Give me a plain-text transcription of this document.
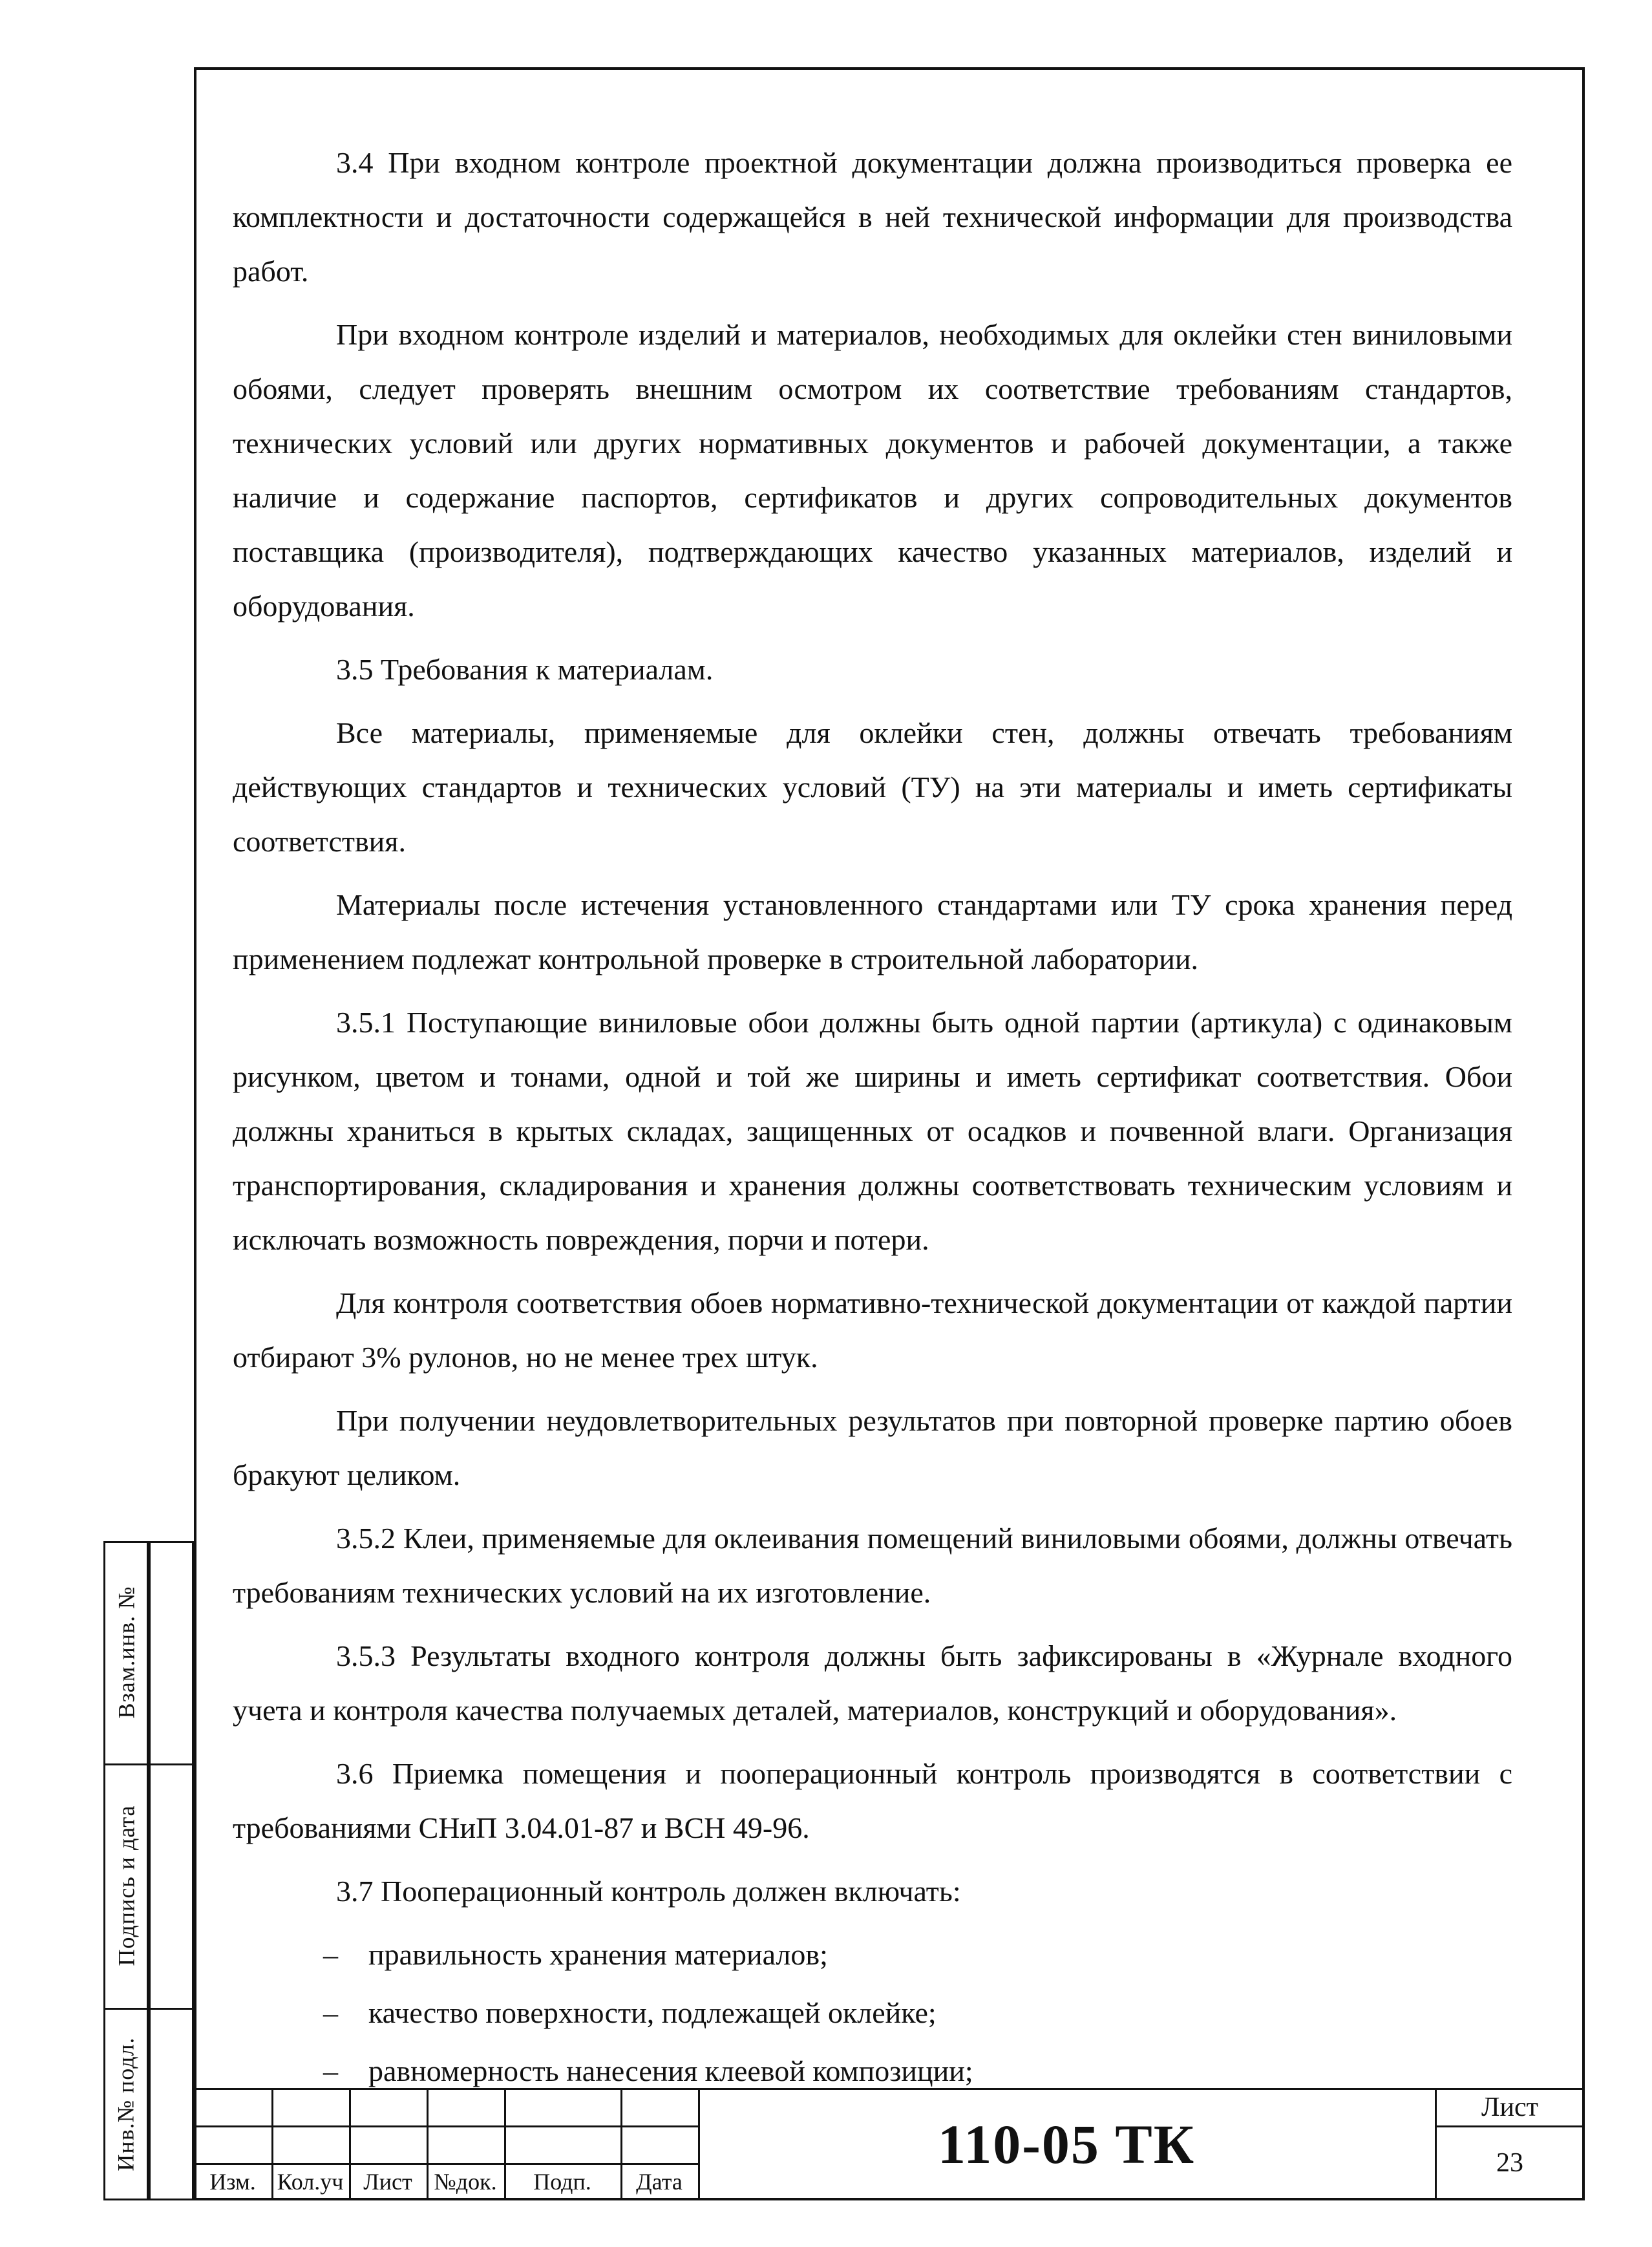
3.4 При входном контроле проектной документации должна производиться проверка ее комплектности и достаточности содержащейся в ней технической информации для производства работ.

При входном контроле изделий и материалов, необходимых для оклейки стен виниловыми обоями, следует проверять внешним осмотром их соответствие требованиям стандартов, технических условий или других нормативных документов и рабочей документации, а также наличие и содержание паспортов, сертификатов и других сопроводительных документов поставщика (производителя), подтверждающих качество указанных материалов, изделий и оборудования.

3.5 Требования к материалам.

Все материалы, применяемые для оклейки стен, должны отвечать требованиям действующих стандартов и технических условий (ТУ) на эти материалы и иметь сертификаты соответствия.

Материалы после истечения установленного стандартами или ТУ срока хранения перед применением подлежат контрольной проверке в строительной лаборатории.

3.5.1 Поступающие виниловые обои должны быть одной партии (артикула) с одинаковым рисунком, цветом и тонами, одной и той же ширины и иметь сертификат соответствия. Обои должны храниться в крытых складах, защищенных от осадков и почвенной влаги. Организация транспортирования, складирования и хранения должны соответствовать техническим условиям и исключать возможность повреждения, порчи и потери.

Для контроля соответствия обоев нормативно-технической документации от каждой партии отбирают 3% рулонов, но не менее трех штук.

При получении неудовлетворительных результатов при повторной проверке партию обоев бракуют целиком.

3.5.2 Клеи, применяемые для оклеивания помещений виниловыми обоями, должны отвечать требованиям технических условий на их изготовление.

3.5.3 Результаты входного контроля должны быть зафиксированы в «Журнале входного учета и контроля качества получаемых деталей, материалов, конструкций и оборудования».

3.6 Приемка помещения и пооперационный контроль производятся в соответствии с требованиями СНиП 3.04.01-87 и ВСН 49-96.

3.7 Пооперационный контроль должен включать:

–	правильность хранения материалов;
–	качество поверхности, подлежащей оклейке;
–	равномерность нанесения клеевой композиции;
Взам.инв. №
Подпись и дата
Инв.№ подл.
Изм. Кол.уч Лист №док.	Подп.	Дата
110-05 ТК
Лист
23
